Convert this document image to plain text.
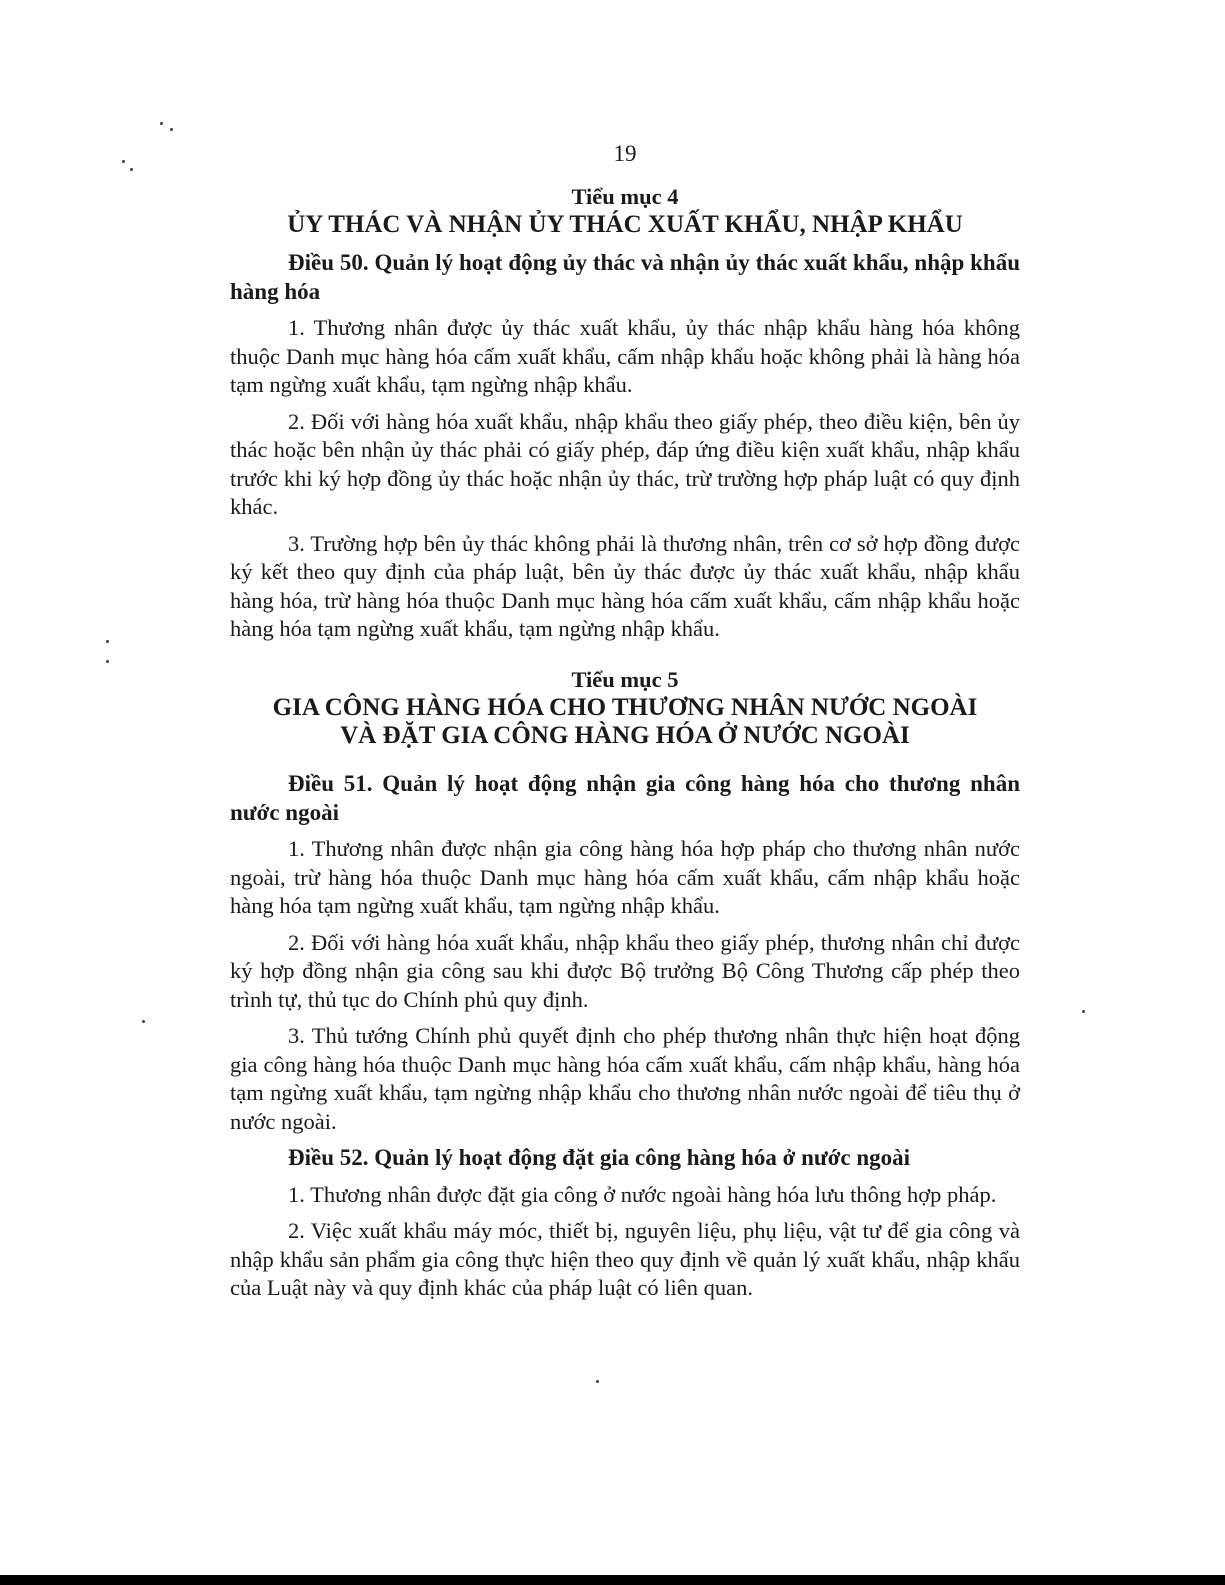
19

Tiểu mục 4

ỦY THÁC VÀ NHẬN ỦY THÁC XUẤT KHẨU, NHẬP KHẨU

Điều 50. Quản lý hoạt động ủy thác và nhận ủy thác xuất khẩu, nhập khẩu hàng hóa

1. Thương nhân được ủy thác xuất khẩu, ủy thác nhập khẩu hàng hóa không thuộc Danh mục hàng hóa cấm xuất khẩu, cấm nhập khẩu hoặc không phải là hàng hóa tạm ngừng xuất khẩu, tạm ngừng nhập khẩu.

2. Đối với hàng hóa xuất khẩu, nhập khẩu theo giấy phép, theo điều kiện, bên ủy thác hoặc bên nhận ủy thác phải có giấy phép, đáp ứng điều kiện xuất khẩu, nhập khẩu trước khi ký hợp đồng ủy thác hoặc nhận ủy thác, trừ trường hợp pháp luật có quy định khác.

3. Trường hợp bên ủy thác không phải là thương nhân, trên cơ sở hợp đồng được ký kết theo quy định của pháp luật, bên ủy thác được ủy thác xuất khẩu, nhập khẩu hàng hóa, trừ hàng hóa thuộc Danh mục hàng hóa cấm xuất khẩu, cấm nhập khẩu hoặc hàng hóa tạm ngừng xuất khẩu, tạm ngừng nhập khẩu.

Tiểu mục 5

GIA CÔNG HÀNG HÓA CHO THƯƠNG NHÂN NƯỚC NGOÀI

VÀ ĐẶT GIA CÔNG HÀNG HÓA Ở NƯỚC NGOÀI

Điều 51. Quản lý hoạt động nhận gia công hàng hóa cho thương nhân nước ngoài

1. Thương nhân được nhận gia công hàng hóa hợp pháp cho thương nhân nước ngoài, trừ hàng hóa thuộc Danh mục hàng hóa cấm xuất khẩu, cấm nhập khẩu hoặc hàng hóa tạm ngừng xuất khẩu, tạm ngừng nhập khẩu.

2. Đối với hàng hóa xuất khẩu, nhập khẩu theo giấy phép, thương nhân chỉ được ký hợp đồng nhận gia công sau khi được Bộ trưởng Bộ Công Thương cấp phép theo trình tự, thủ tục do Chính phủ quy định.

3. Thủ tướng Chính phủ quyết định cho phép thương nhân thực hiện hoạt động gia công hàng hóa thuộc Danh mục hàng hóa cấm xuất khẩu, cấm nhập khẩu, hàng hóa tạm ngừng xuất khẩu, tạm ngừng nhập khẩu cho thương nhân nước ngoài để tiêu thụ ở nước ngoài.

Điều 52. Quản lý hoạt động đặt gia công hàng hóa ở nước ngoài

1. Thương nhân được đặt gia công ở nước ngoài hàng hóa lưu thông hợp pháp.

2. Việc xuất khẩu máy móc, thiết bị, nguyên liệu, phụ liệu, vật tư để gia công và nhập khẩu sản phẩm gia công thực hiện theo quy định về quản lý xuất khẩu, nhập khẩu của Luật này và quy định khác của pháp luật có liên quan.
